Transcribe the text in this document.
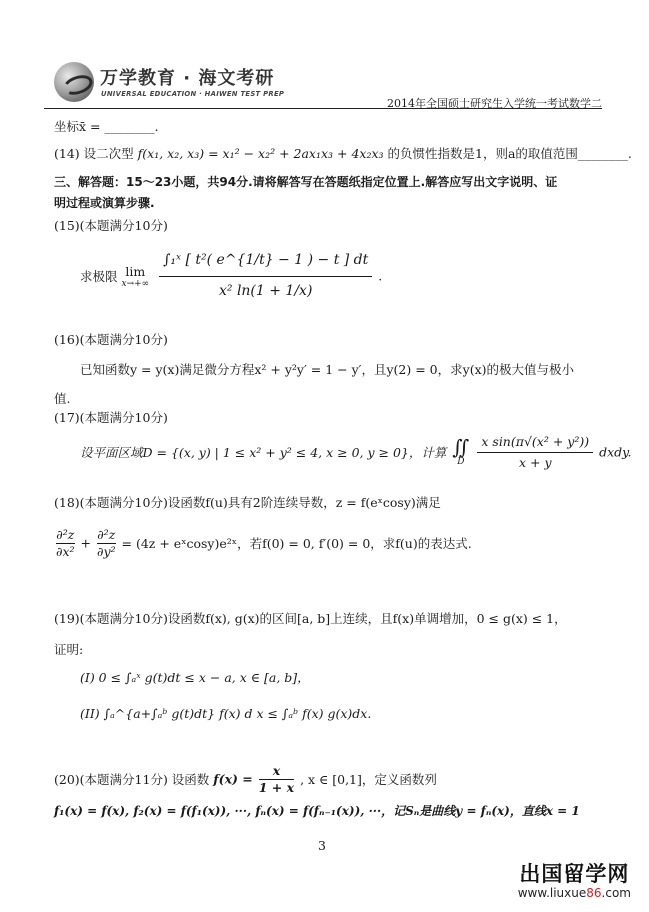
万学教育 · 海文考研
UNIVERSAL EDUCATION · HAIWEN TEST PREP
2014年全国硕士研究生入学统一考试数学二
坐标x̄ = ________.
(14) 设二次型 f(x₁, x₂, x₃) = x₁² − x₂² + 2ax₁x₃ + 4x₂x₃ 的负惯性指数是1，则a的取值范围________.
三、解答题：15～23小题，共94分.请将解答写在答题纸指定位置上.解答应写出文字说明、证
明过程或演算步骤.
(15)(本题满分10分)
求极限 lim
x→+∞
$\frac{\text{∫₁ˣ [ t²( e\textasciicircum{}\{1/t\} − 1 ) − t ] dt}}{\text{x² ln(1 + 1/x)}}$ .
(16)(本题满分10分)
已知函数y = y(x)满足微分方程x² + y²y′ = 1 − y′，且y(2) = 0，求y(x)的极大值与极小
值.
(17)(本题满分10分)
设平面区域D = {(x, y) | 1 ≤ x² + y² ≤ 4, x ≥ 0, y ≥ 0}，计算 ∬
D
	$\frac{\text{x sin(π√(x² + y²))}}{x + y}$ dxdy.
(18)(本题满分10分)设函数f(u)具有2阶连续导数，z = f(eˣcosy)满足
$\frac{\text{∂²z}}{\text{∂x²}} + \frac{\text{∂²z}}{\text{∂y²}} = (4z$ + eˣcosy)e²ˣ，若f(0) = 0, f′(0) = 0，求f(u)的表达式.
(19)(本题满分10分)设函数f(x), g(x)的区间[a, b]上连续，且f(x)单调增加，0 ≤ g(x) ≤ 1，
证明:
(I) 0 ≤ ∫ₐˣ g(t)dt ≤ x − a, x ∈ [a, b]，
(II) ∫ₐ^{a+∫ₐᵇ g(t)dt} f(x) d x ≤ ∫ₐᵇ f(x) g(x)dx.
(20)(本题满分11分) 设函数 $f(x) = \frac{x}{1 + x}$ , x ∈ [0,1]，定义函数列
f₁(x) = f(x), f₂(x) = f(f₁(x)), ···, fₙ(x) = f(fₙ₋₁(x)), ···，记Sₙ是曲线y = fₙ(x)，直线x = 1
3
出国留学网
www.liuxue86.com
